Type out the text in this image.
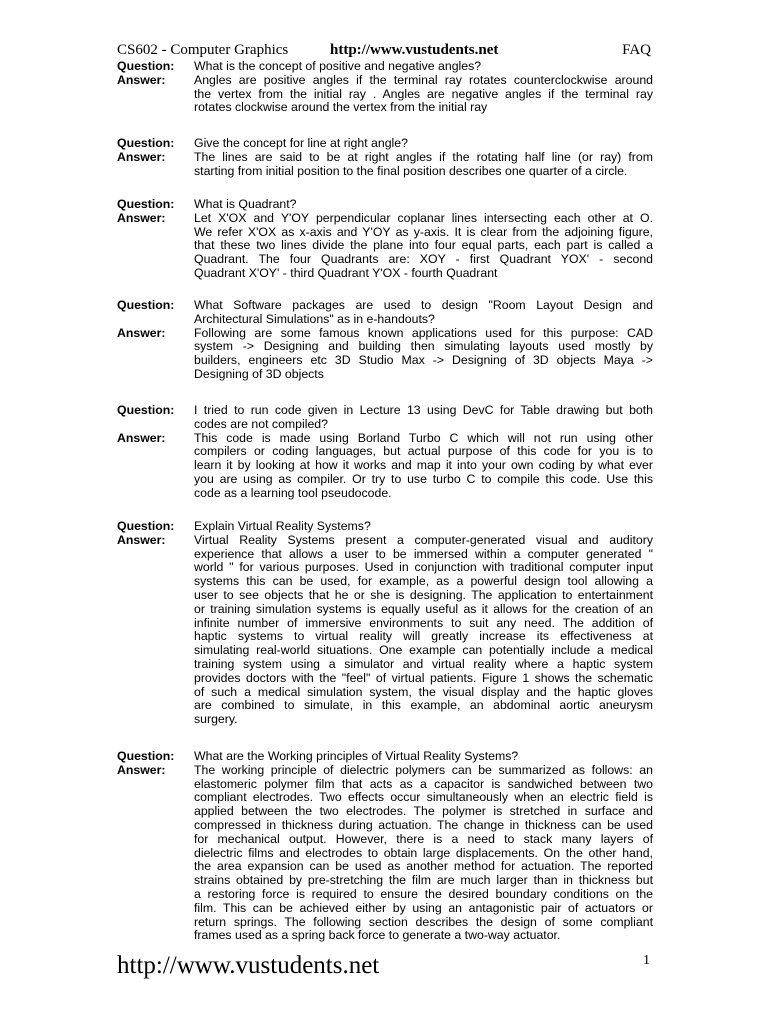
CS602 - Computer Graphics	http://www.vustudents.net	FAQ
Question:	What is the concept of positive and negative angles?
Answer:	Angles are positive angles if the terminal ray rotates counterclockwise around
the vertex from the initial ray . Angles are negative angles if the terminal ray
rotates clockwise around the vertex from the initial ray
Question:	Give the concept for line at right angle?
Answer:	The lines are said to be at right angles if the rotating half line (or ray) from
starting from initial position to the final position describes one quarter of a circle.
Question:	What is Quadrant?
Answer:	Let X'OX and Y'OY perpendicular coplanar lines intersecting each other at O.
We refer X'OX as x-axis and Y'OY as y-axis. It is clear from the adjoining figure,
that these two lines divide the plane into four equal parts, each part is called a
Quadrant. The four Quadrants are: XOY - first Quadrant YOX' - second
Quadrant X'OY' - third Quadrant Y'OX - fourth Quadrant
Question:	What Software packages are used to design "Room Layout Design and
Architectural Simulations" as in e-handouts?
Answer:	Following are some famous known applications used for this purpose: CAD
system -> Designing and building then simulating layouts used mostly by
builders, engineers etc 3D Studio Max -> Designing of 3D objects Maya ->
Designing of 3D objects
Question:	I tried to run code given in Lecture 13 using DevC for Table drawing but both
codes are not compiled?
Answer:	This code is made using Borland Turbo C which will not run using other
compilers or coding languages, but actual purpose of this code for you is to
learn it by looking at how it works and map it into your own coding by what ever
you are using as compiler. Or try to use turbo C to compile this code. Use this
code as a learning tool pseudocode.
Question:	Explain Virtual Reality Systems?
Answer:	Virtual Reality Systems present a computer-generated visual and auditory
experience that allows a user to be immersed within a computer generated "
world " for various purposes. Used in conjunction with traditional computer input
systems this can be used, for example, as a powerful design tool allowing a
user to see objects that he or she is designing. The application to entertainment
or training simulation systems is equally useful as it allows for the creation of an
infinite number of immersive environments to suit any need. The addition of
haptic systems to virtual reality will greatly increase its effectiveness at
simulating real-world situations. One example can potentially include a medical
training system using a simulator and virtual reality where a haptic system
provides doctors with the "feel" of virtual patients. Figure 1 shows the schematic
of such a medical simulation system, the visual display and the haptic gloves
are combined to simulate, in this example, an abdominal aortic aneurysm
surgery.
Question:	What are the Working principles of Virtual Reality Systems?
Answer:	The working principle of dielectric polymers can be summarized as follows: an
elastomeric polymer film that acts as a capacitor is sandwiched between two
compliant electrodes. Two effects occur simultaneously when an electric field is
applied between the two electrodes. The polymer is stretched in surface and
compressed in thickness during actuation. The change in thickness can be used
for mechanical output. However, there is a need to stack many layers of
dielectric films and electrodes to obtain large displacements. On the other hand,
the area expansion can be used as another method for actuation. The reported
strains obtained by pre-stretching the film are much larger than in thickness but
a restoring force is required to ensure the desired boundary conditions on the
film. This can be achieved either by using an antagonistic pair of actuators or
return springs. The following section describes the design of some compliant
frames used as a spring back force to generate a two-way actuator.
http://www.vustudents.net	1
